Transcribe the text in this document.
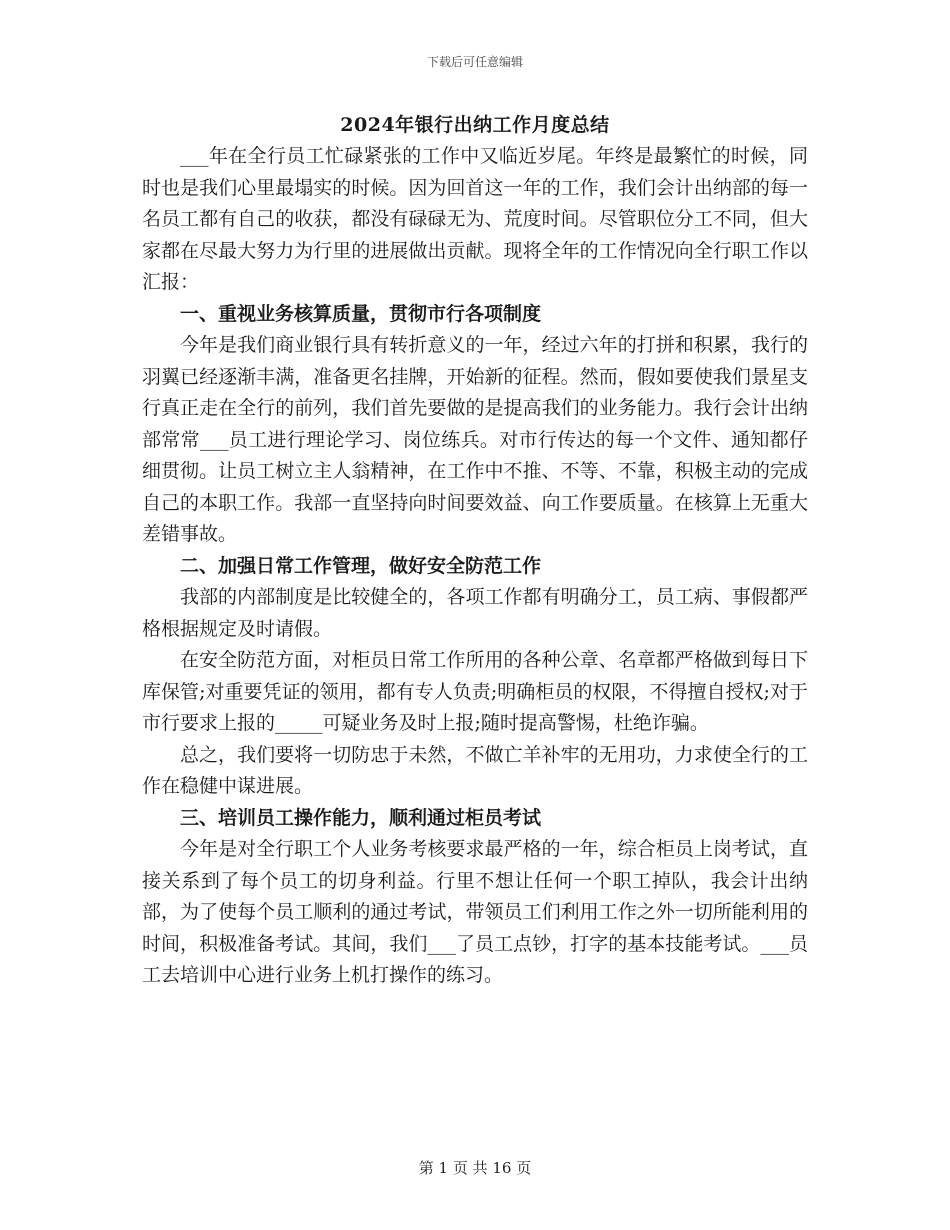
下载后可任意编辑
2024年银行出纳工作月度总结

___年在全行员工忙碌紧张的工作中又临近岁尾。年终是最繁忙的时候，同时也是我们心里最塌实的时候。因为回首这一年的工作，我们会计出纳部的每一名员工都有自己的收获，都没有碌碌无为、荒度时间。尽管职位分工不同，但大家都在尽最大努力为行里的进展做出贡献。现将全年的工作情况向全行职工作以汇报：

一、重视业务核算质量，贯彻市行各项制度

今年是我们商业银行具有转折意义的一年，经过六年的打拼和积累，我行的羽翼已经逐渐丰满，准备更名挂牌，开始新的征程。然而，假如要使我们景星支行真正走在全行的前列，我们首先要做的是提高我们的业务能力。我行会计出纳部常常___员工进行理论学习、岗位练兵。对市行传达的每一个文件、通知都仔细贯彻。让员工树立主人翁精神，在工作中不推、不等、不靠，积极主动的完成自己的本职工作。我部一直坚持向时间要效益、向工作要质量。在核算上无重大差错事故。

二、加强日常工作管理，做好安全防范工作

我部的内部制度是比较健全的，各项工作都有明确分工，员工病、事假都严格根据规定及时请假。

在安全防范方面，对柜员日常工作所用的各种公章、名章都严格做到每日下库保管;对重要凭证的领用，都有专人负责;明确柜员的权限，不得擅自授权;对于市行要求上报的_____可疑业务及时上报;随时提高警惕，杜绝诈骗。

总之，我们要将一切防忠于未然，不做亡羊补牢的无用功，力求使全行的工作在稳健中谋进展。

三、培训员工操作能力，顺利通过柜员考试

今年是对全行职工个人业务考核要求最严格的一年，综合柜员上岗考试，直接关系到了每个员工的切身利益。行里不想让任何一个职工掉队，我会计出纳部，为了使每个员工顺利的通过考试，带领员工们利用工作之外一切所能利用的时间，积极准备考试。其间，我们___了员工点钞，打字的基本技能考试。___员工去培训中心进行业务上机打操作的练习。

第 1 页 共 16 页
